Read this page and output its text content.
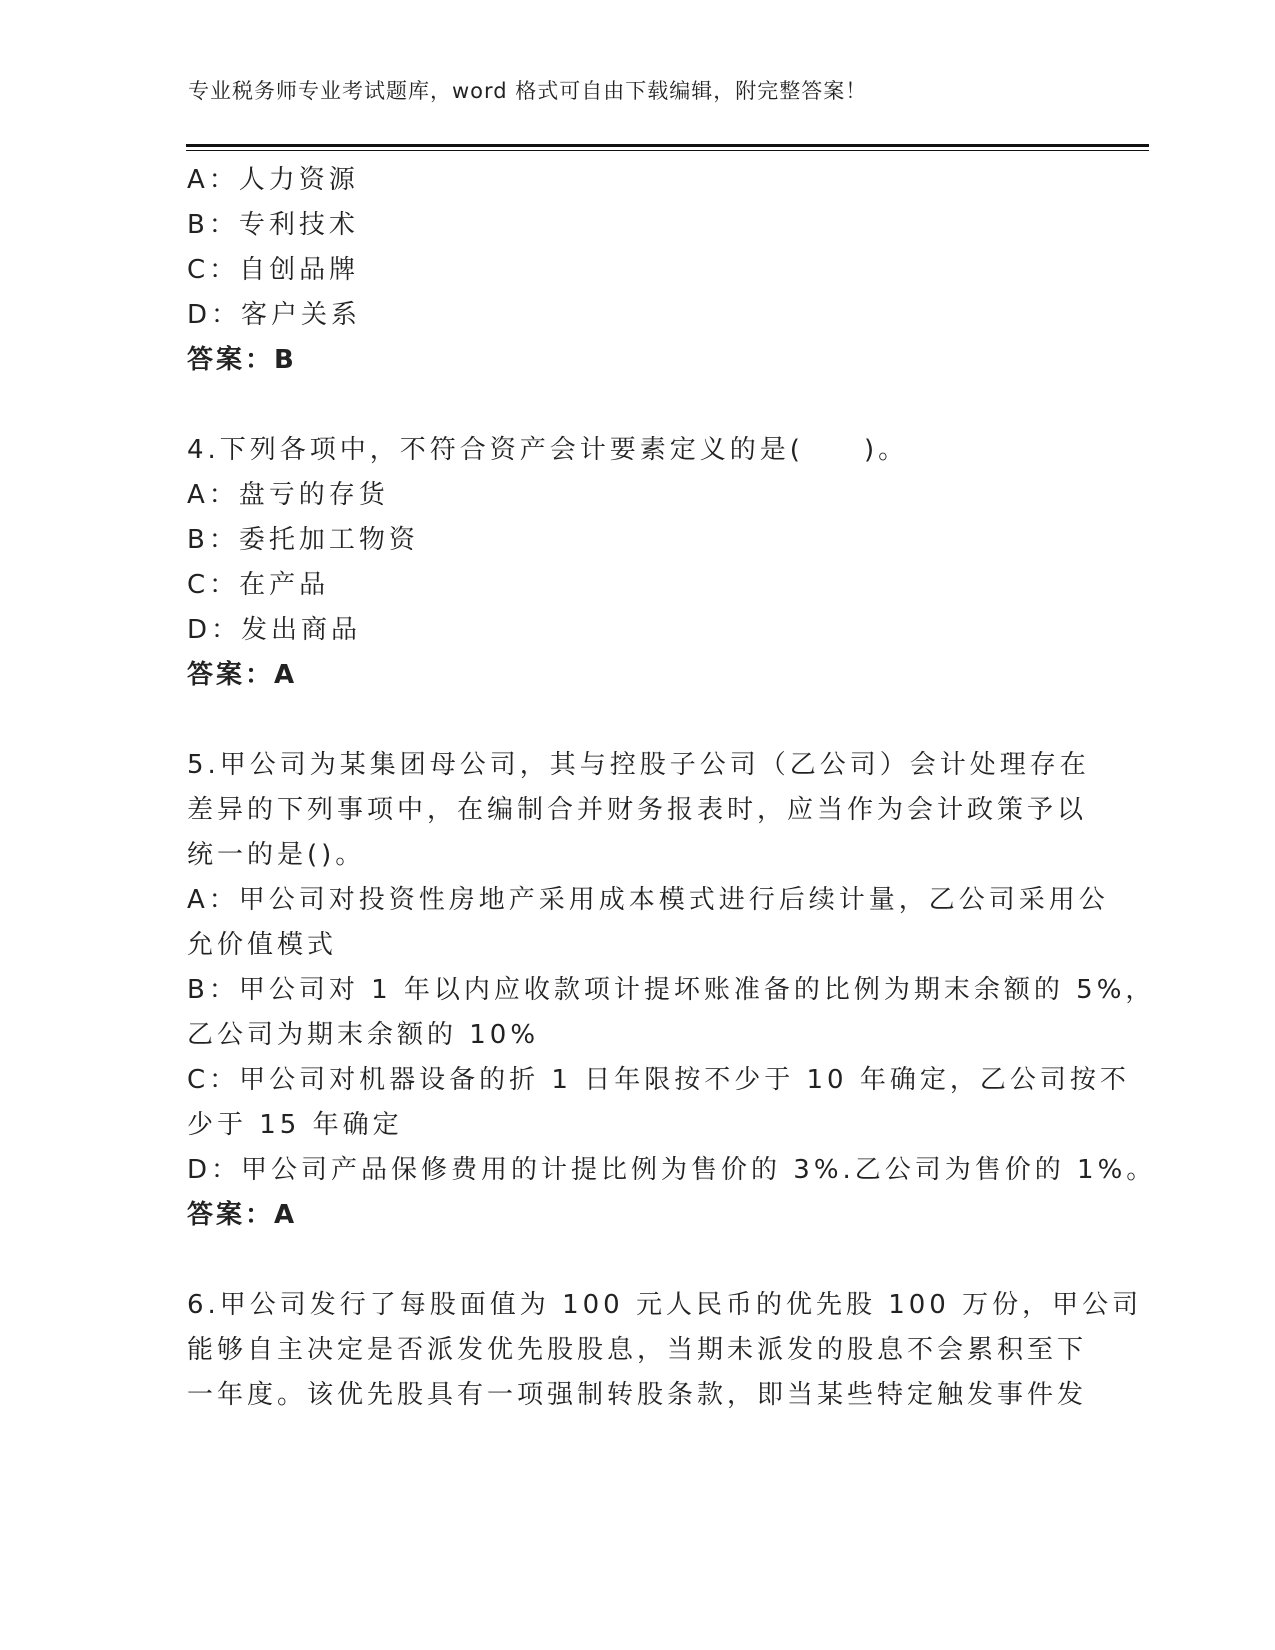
专业税务师专业考试题库，word 格式可自由下载编辑，附完整答案！
A：人力资源
B：专利技术
C：自创品牌
D：客户关系
答案：B
4.下列各项中，不符合资产会计要素定义的是(　　)。
A：盘亏的存货
B：委托加工物资
C：在产品
D：发出商品
答案：A
5.甲公司为某集团母公司，其与控股子公司（乙公司）会计处理存在
差异的下列事项中，在编制合并财务报表时，应当作为会计政策予以
统一的是()。
A：甲公司对投资性房地产采用成本模式进行后续计量，乙公司采用公
允价值模式
B：甲公司对 1 年以内应收款项计提坏账准备的比例为期末余额的 5%，
乙公司为期末余额的 10%
C：甲公司对机器设备的折 1 日年限按不少于 10 年确定，乙公司按不
少于 15 年确定
D：甲公司产品保修费用的计提比例为售价的 3%.乙公司为售价的 1%。
答案：A
6.甲公司发行了每股面值为 100 元人民币的优先股 100 万份，甲公司
能够自主决定是否派发优先股股息，当期未派发的股息不会累积至下
一年度。该优先股具有一项强制转股条款，即当某些特定触发事件发
